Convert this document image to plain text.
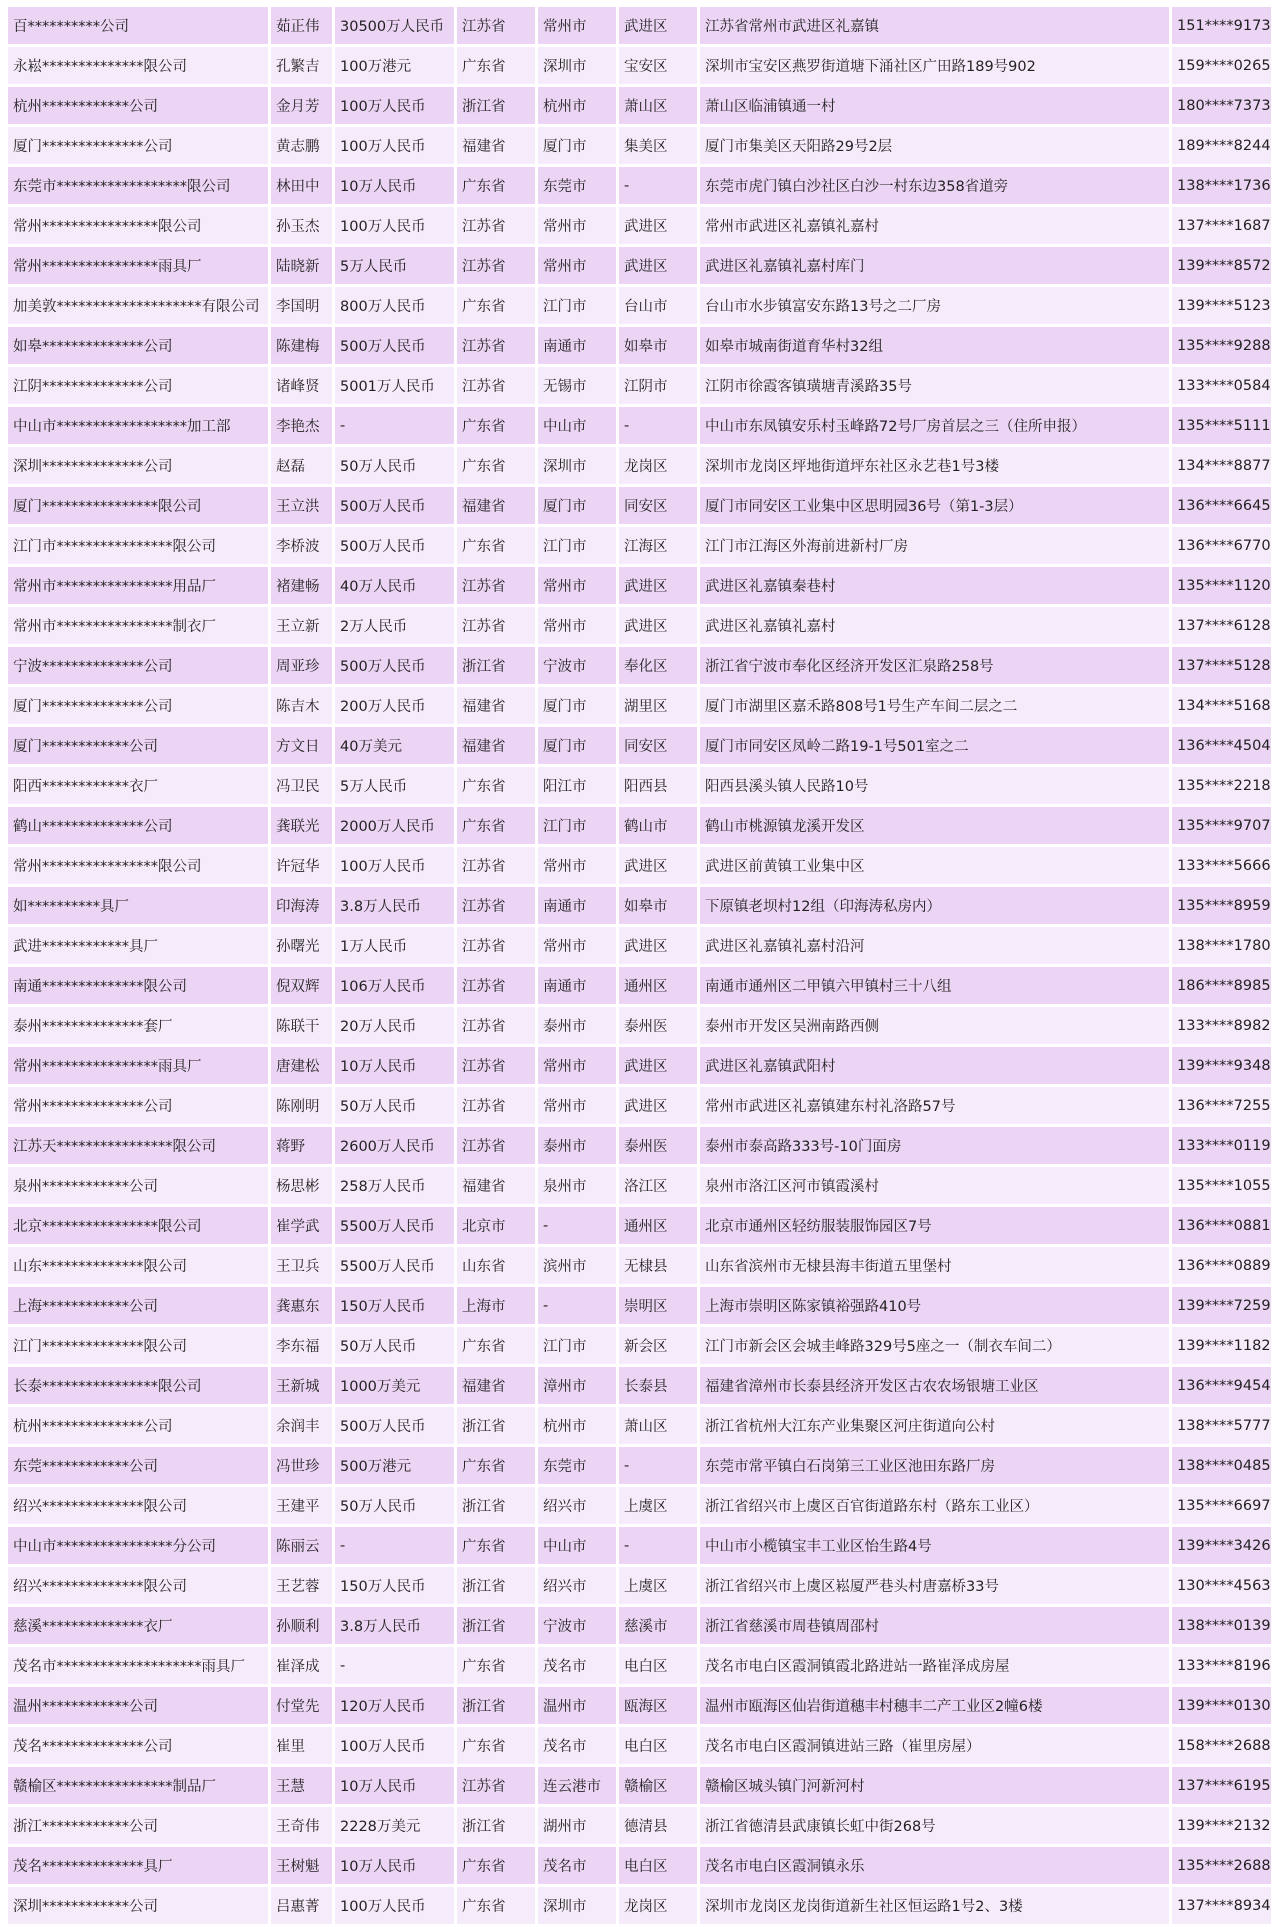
百**********公司	茹正伟	30500万人民币	江苏省	常州市	武进区	江苏省常州市武进区礼嘉镇	151****9173
永崧**************限公司	孔繁吉	100万港元	广东省	深圳市	宝安区	深圳市宝安区燕罗街道塘下涌社区广田路189号902	159****0265
杭州************公司	金月芳	100万人民币	浙江省	杭州市	萧山区	萧山区临浦镇通一村	180****7373
厦门**************公司	黄志鹏	100万人民币	福建省	厦门市	集美区	厦门市集美区天阳路29号2层	189****8244
东莞市******************限公司	林田中	10万人民币	广东省	东莞市	-	东莞市虎门镇白沙社区白沙一村东边358省道旁	138****1736
常州****************限公司	孙玉杰	100万人民币	江苏省	常州市	武进区	常州市武进区礼嘉镇礼嘉村	137****1687
常州****************雨具厂	陆晓新	5万人民币	江苏省	常州市	武进区	武进区礼嘉镇礼嘉村库门	139****8572
加美敦********************有限公司	李国明	800万人民币	广东省	江门市	台山市	台山市水步镇富安东路13号之二厂房	139****5123
如皋**************公司	陈建梅	500万人民币	江苏省	南通市	如皋市	如皋市城南街道育华村32组	135****9288
江阴**************公司	诸峰贤	5001万人民币	江苏省	无锡市	江阴市	江阴市徐霞客镇璜塘青溪路35号	133****0584
中山市******************加工部	李艳杰	-	广东省	中山市	-	中山市东凤镇安乐村玉峰路72号厂房首层之三（住所申报）	135****5111
深圳**************公司	赵磊	50万人民币	广东省	深圳市	龙岗区	深圳市龙岗区坪地街道坪东社区永艺巷1号3楼	134****8877
厦门****************限公司	王立洪	500万人民币	福建省	厦门市	同安区	厦门市同安区工业集中区思明园36号（第1-3层）	136****6645
江门市****************限公司	李桥波	500万人民币	广东省	江门市	江海区	江门市江海区外海前进新村厂房	136****6770
常州市****************用品厂	褚建畅	40万人民币	江苏省	常州市	武进区	武进区礼嘉镇秦巷村	135****1120
常州市****************制衣厂	王立新	2万人民币	江苏省	常州市	武进区	武进区礼嘉镇礼嘉村	137****6128
宁波**************公司	周亚珍	500万人民币	浙江省	宁波市	奉化区	浙江省宁波市奉化区经济开发区汇泉路258号	137****5128
厦门**************公司	陈吉木	200万人民币	福建省	厦门市	湖里区	厦门市湖里区嘉禾路808号1号生产车间二层之二	134****5168
厦门************公司	方文日	40万美元	福建省	厦门市	同安区	厦门市同安区凤岭二路19-1号501室之二	136****4504
阳西************衣厂	冯卫民	5万人民币	广东省	阳江市	阳西县	阳西县溪头镇人民路10号	135****2218
鹤山**************公司	龚联光	2000万人民币	广东省	江门市	鹤山市	鹤山市桃源镇龙溪开发区	135****9707
常州****************限公司	许冠华	100万人民币	江苏省	常州市	武进区	武进区前黄镇工业集中区	133****5666
如**********具厂	印海涛	3.8万人民币	江苏省	南通市	如皋市	下原镇老坝村12组（印海涛私房内）	135****8959
武进************具厂	孙曙光	1万人民币	江苏省	常州市	武进区	武进区礼嘉镇礼嘉村沿河	138****1780
南通**************限公司	倪双辉	106万人民币	江苏省	南通市	通州区	南通市通州区二甲镇六甲镇村三十八组	186****8985
泰州**************套厂	陈联干	20万人民币	江苏省	泰州市	泰州医	泰州市开发区吴洲南路西侧	133****8982
常州****************雨具厂	唐建松	10万人民币	江苏省	常州市	武进区	武进区礼嘉镇武阳村	139****9348
常州**************公司	陈刚明	50万人民币	江苏省	常州市	武进区	常州市武进区礼嘉镇建东村礼洛路57号	136****7255
江苏天****************限公司	蒋野	2600万人民币	江苏省	泰州市	泰州医	泰州市泰高路333号-10门面房	133****0119
泉州************公司	杨思彬	258万人民币	福建省	泉州市	洛江区	泉州市洛江区河市镇霞溪村	135****1055
北京****************限公司	崔学武	5500万人民币	北京市	-	通州区	北京市通州区轻纺服装服饰园区7号	136****0881
山东**************限公司	王卫兵	5500万人民币	山东省	滨州市	无棣县	山东省滨州市无棣县海丰街道五里堡村	136****0889
上海************公司	龚惠东	150万人民币	上海市	-	崇明区	上海市崇明区陈家镇裕强路410号	139****7259
江门**************限公司	李东福	50万人民币	广东省	江门市	新会区	江门市新会区会城圭峰路329号5座之一（制衣车间二）	139****1182
长泰****************限公司	王新城	1000万美元	福建省	漳州市	长泰县	福建省漳州市长泰县经济开发区古农农场银塘工业区	136****9454
杭州**************公司	余润丰	500万人民币	浙江省	杭州市	萧山区	浙江省杭州大江东产业集聚区河庄街道向公村	138****5777
东莞************公司	冯世珍	500万港元	广东省	东莞市	-	东莞市常平镇白石岗第三工业区池田东路厂房	138****0485
绍兴**************限公司	王建平	50万人民币	浙江省	绍兴市	上虞区	浙江省绍兴市上虞区百官街道路东村（路东工业区）	135****6697
中山市****************分公司	陈丽云	-	广东省	中山市	-	中山市小榄镇宝丰工业区怡生路4号	139****3426
绍兴**************限公司	王艺蓉	150万人民币	浙江省	绍兴市	上虞区	浙江省绍兴市上虞区崧厦严巷头村唐嘉桥33号	130****4563
慈溪**************衣厂	孙顺利	3.8万人民币	浙江省	宁波市	慈溪市	浙江省慈溪市周巷镇周邵村	138****0139
茂名市********************雨具厂	崔泽成	-	广东省	茂名市	电白区	茂名市电白区霞洞镇霞北路进站一路崔泽成房屋	133****8196
温州************公司	付堂先	120万人民币	浙江省	温州市	瓯海区	温州市瓯海区仙岩街道穗丰村穗丰二产工业区2幢6楼	139****0130
茂名**************公司	崔里	100万人民币	广东省	茂名市	电白区	茂名市电白区霞洞镇进站三路（崔里房屋）	158****2688
赣榆区****************制品厂	王慧	10万人民币	江苏省	连云港市	赣榆区	赣榆区城头镇门河新河村	137****6195
浙江************公司	王奇伟	2228万美元	浙江省	湖州市	德清县	浙江省德清县武康镇长虹中街268号	139****2132
茂名**************具厂	王树魁	10万人民币	广东省	茂名市	电白区	茂名市电白区霞洞镇永乐	135****2688
深圳************公司	吕惠菁	100万人民币	广东省	深圳市	龙岗区	深圳市龙岗区龙岗街道新生社区恒运路1号2、3楼	137****8934
